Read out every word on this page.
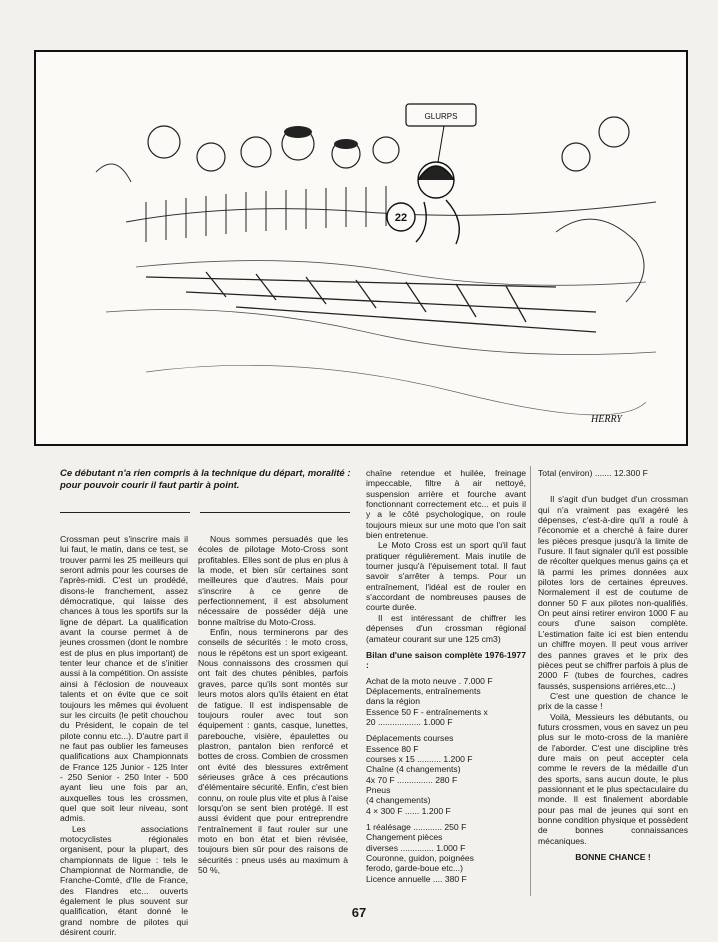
22
GLURPS
HERRY
Ce débutant n'a rien compris à la technique du départ, moralité : pour pouvoir courir il faut partir à point.

Crossman peut s'inscrire mais il lui faut, le matin, dans ce test, se trouver parmi les 25 meilleurs qui seront admis pour les courses de l'après-midi. C'est un prodédé, disons-le franchement, assez démocratique, qui laisse des chances à tous les sportifs sur la ligne de départ. La qualification avant la course permet à de jeunes crossmen (dont le nombre est de plus en plus important) de tenter leur chance et de s'initier aussi à la compétition. On assiste ainsi à l'éclosion de nouveaux talents et on évite que ce soit toujours les mêmes qui évoluent sur les circuits (le petit chouchou du Président, le copain de tel pilote connu etc...). D'autre part il ne faut pas oublier les fameuses qualifications aux Championnats de France 125 Junior - 125 Inter - 250 Senior - 250 Inter - 500 ayant lieu une fois par an, auxquelles tous les crossmen, quel que soit leur niveau, sont admis.

Les associations motocyclistes régionales organisent, pour la plupart, des championnats de ligue : tels le Championnat de Normandie, de Franche-Comté, d'Ile de France, des Flandres etc... ouverts également le plus souvent sur qualification, étant donné le grand nombre de pilotes qui désirent courir.

Nous sommes persuadés que les écoles de pilotage Moto-Cross sont profitables. Elles sont de plus en plus à la mode, et bien sûr certaines sont meilleures que d'autres. Mais pour s'inscrire à ce genre de perfectionnement, il est absolument nécessaire de posséder déjà une bonne maîtrise du Moto-Cross.

Enfin, nous terminerons par des conseils de sécurités : le moto cross, nous le répétons est un sport exigeant. Nous connaissons des crossmen qui ont fait des chutes pénibles, parfois graves, parce qu'ils sont montés sur leurs motos alors qu'ils étaient en état de fatigue. Il est indispensable de toujours rouler avec tout son équipement : gants, casque, lunettes, parebouche, visière, épaulettes ou plastron, pantalon bien renforcé et bottes de cross. Combien de crossmen ont évité des blessures extrêment sérieuses grâce à ces précautions d'élémentaire sécurité. Enfin, c'est bien connu, on roule plus vite et plus à l'aise lorsqu'on se sent bien protégé. Il est aussi évident que pour entreprendre l'entraînement il faut rouler sur une moto en bon état et bien révisée, toujours bien sûr pour des raisons de sécurités : pneus usés au maximum à 50 %,

chaîne retendue et huilée, freinage impeccable, filtre à air nettoyé, suspension arrière et fourche avant fonctionnant correctement etc... et puis il y a le côté psychologique, on roule toujours mieux sur une moto que l'on sait bien entretenue.

Le Moto Cross est un sport qu'il faut pratiquer régulièrement. Mais inutile de tourner jusqu'à l'épuisement total. Il faut savoir s'arrêter à temps. Pour un entraînement, l'idéal est de rouler en s'accordant de nombreuses pauses de courte durée.

Il est intéressant de chiffrer les dépenses d'un crossman régional (amateur courant sur une 125 cm3)

Bilan d'une saison complète 1976-1977 :
Achat de la moto neuve . 7.000 F
Déplacements, entraînements
dans la région
Essence 50 F - entraînements x
20 .................. 1.000 F
Déplacements courses
Essence 80 F
courses x 15 .......... 1.200 F
Chaîne (4 changements)
4x 70 F ............... 280 F
Pneus
(4 changements)
4 × 300 F ...... 1.200 F
1 réalésage ............ 250 F
Changement pièces
diverses .............. 1.000 F
Couronne, guidon, poignées
ferodo, garde-boue etc...)
Licence annuelle .... 380 F
Total (environ) ....... 12.300 F

Il s'agit d'un budget d'un crossman qui n'a vraiment pas exagéré les dépenses, c'est-à-dire qu'il a roulé à l'économie et a cherché à faire durer les pièces presque jusqu'à la limite de l'usure. Il faut signaler qu'il est possible de récolter quelques menus gains ça et là parmi les primes données aux pilotes lors de certaines épreuves. Normalement il est de coutume de donner 50 F aux pilotes non-qualifiés. On peut ainsi retirer environ 1000 F au cours d'une saison complète. L'estimation faite ici est bien entendu un chiffre moyen. Il peut vous arriver des pannes graves et le prix des pièces peut se chiffrer parfois à plus de 2000 F (tubes de fourches, cadres faussés, suspensions arrières,etc...)

C'est une question de chance le prix de la casse !

Voilà, Messieurs les débutants, ou futurs crossmen, vous en savez un peu plus sur le moto-cross de la manière de l'aborder. C'est une discipline très dure mais on peut accepter cela comme le revers de la médaille d'un des sports, sans aucun doute, le plus passionnant et le plus spectaculaire du monde. Il est finalement abordable pour pas mal de jeunes qui sont en bonne condition physique et possèdent de bonnes connaissances mécaniques.

BONNE CHANCE !
67
